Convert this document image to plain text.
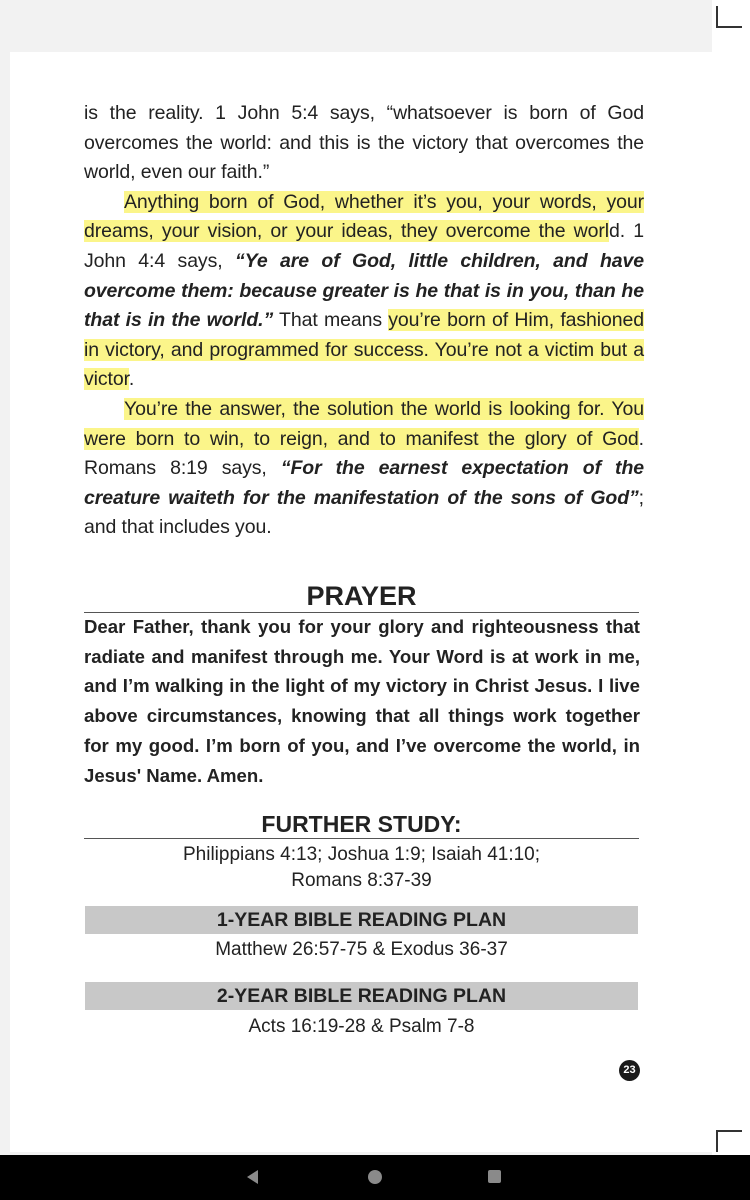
is the reality. 1 John 5:4 says, “whatsoever is born of God overcomes the world: and this is the victory that overcomes the world, even our faith.”

Anything born of God, whether it’s you, your words, your dreams, your vision, or your ideas, they overcome the world. 1 John 4:4 says, “Ye are of God, little children, and have overcome them: because greater is he that is in you, than he that is in the world.” That means you’re born of Him, fashioned in victory, and programmed for success. You’re not a victim but a victor.

You’re the answer, the solution the world is looking for. You were born to win, to reign, and to manifest the glory of God. Romans 8:19 says, “For the earnest expectation of the creature waiteth for the manifestation of the sons of God”; and that includes you.

PRAYER

Dear Father, thank you for your glory and righteousness that radiate and manifest through me. Your Word is at work in me, and I’m walking in the light of my victory in Christ Jesus. I live above circumstances, knowing that all things work together for my good. I’m born of you, and I’ve overcome the world, in Jesus' Name. Amen.

FURTHER STUDY:
Philippians 4:13; Joshua 1:9; Isaiah 41:10;
Romans 8:37-39
1-YEAR BIBLE READING PLAN
Matthew 26:57-75 & Exodus 36-37
2-YEAR BIBLE READING PLAN
Acts 16:19-28 & Psalm 7-8
23
